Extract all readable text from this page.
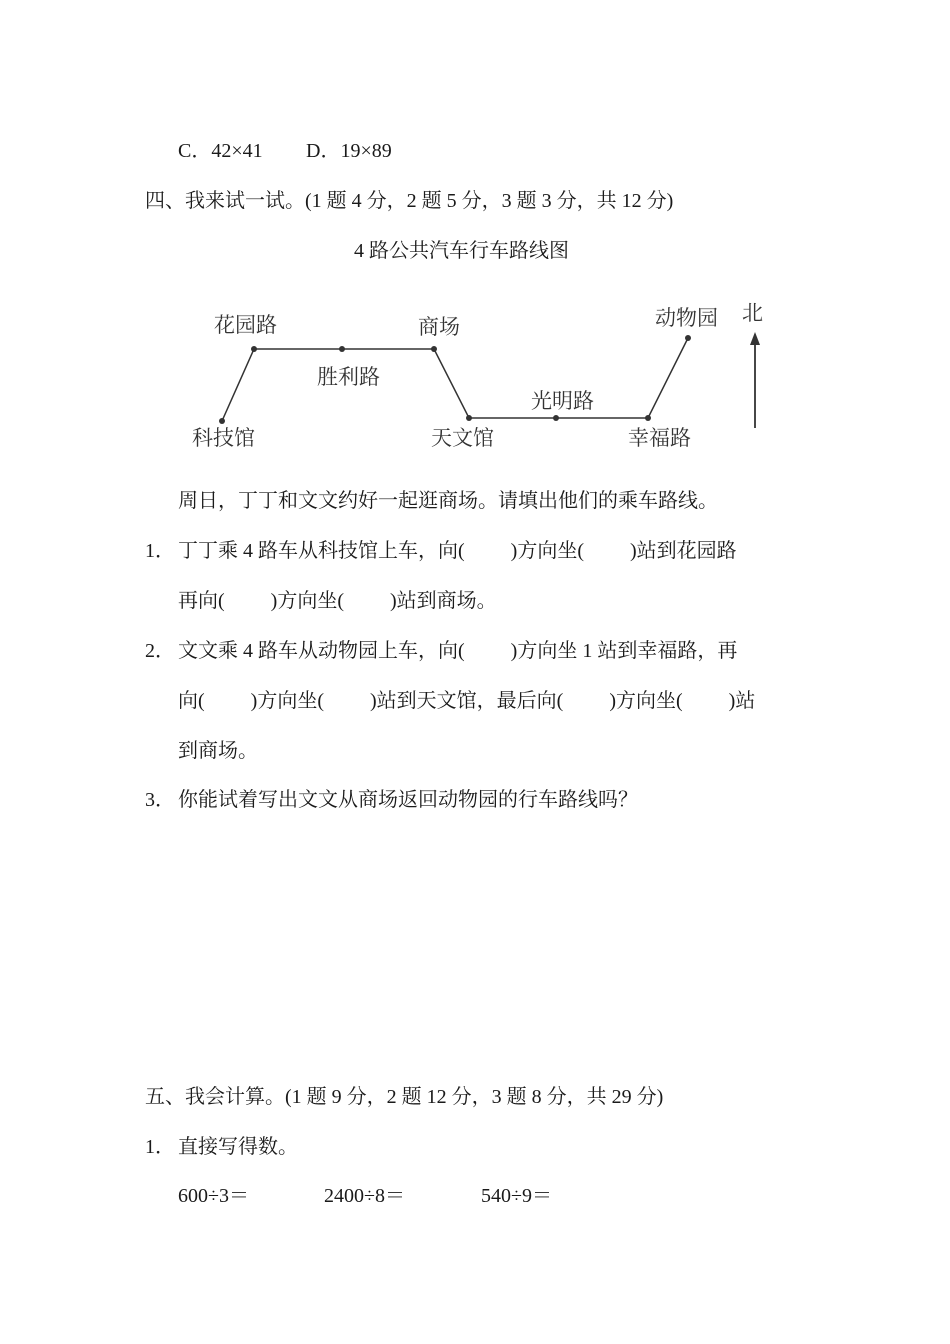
C．42×41 D．19×89
四、我来试一试。(1 题 4 分，2 题 5 分，3 题 3 分，共 12 分)
4 路公共汽车行车路线图
科技馆
花园路
胜利路
商场
天文馆
光明路
幸福路
动物园 北
周日，丁丁和文文约好一起逛商场。请填出他们的乘车路线。
1． 丁丁乘 4 路车从科技馆上车，向( )方向坐( )站到花园路
再向( )方向坐( )站到商场。
2． 文文乘 4 路车从动物园上车，向( )方向坐 1 站到幸福路，再
向( )方向坐( )站到天文馆，最后向( )方向坐( )站
到商场。
3． 你能试着写出文文从商场返回动物园的行车路线吗？
五、我会计算。(1 题 9 分，2 题 12 分，3 题 8 分，共 29 分)
1． 直接写得数。
600÷3＝	2400÷8＝	540÷9＝
